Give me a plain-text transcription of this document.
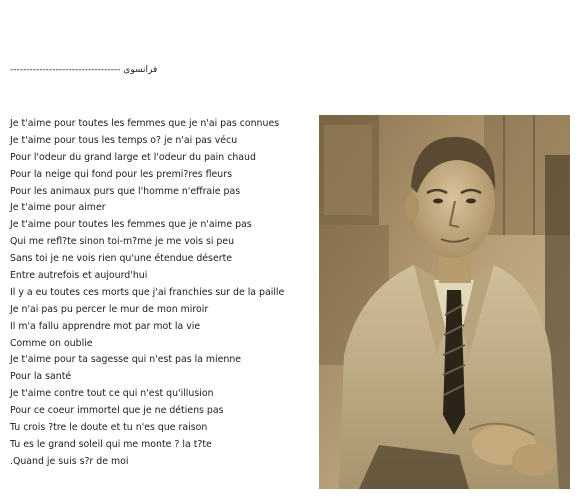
---------------------------------- فرانسوى
Je t'aime pour toutes les femmes que je n'ai pas connues
Je t'aime pour tous les temps o? je n'ai pas vécu
Pour l'odeur du grand large et l'odeur du pain chaud
Pour la neige qui fond pour les premi?res fleurs
Pour les animaux purs que l'homme n'effraie pas
Je t'aime pour aimer
Je t'aime pour toutes les femmes que je n'aime pas
Qui me refl?te sinon toi-m?me je me vois si peu
Sans toi je ne vois rien qu'une étendue déserte
Entre autrefois et aujourd'hui
Il y a eu toutes ces morts que j'ai franchies sur de la paille
Je n'ai pas pu percer le mur de mon miroir
Il m'a fallu apprendre mot par mot la vie
Comme on oublie
Je t'aime pour ta sagesse qui n'est pas la mienne
Pour la santé
Je t'aime contre tout ce qui n'est qu'illusion
Pour ce coeur immortel que je ne détiens pas
Tu crois ?tre le doute et tu n'es que raison
Tu es le grand soleil qui me monte ? la t?te
.Quand je suis s?r de moi
